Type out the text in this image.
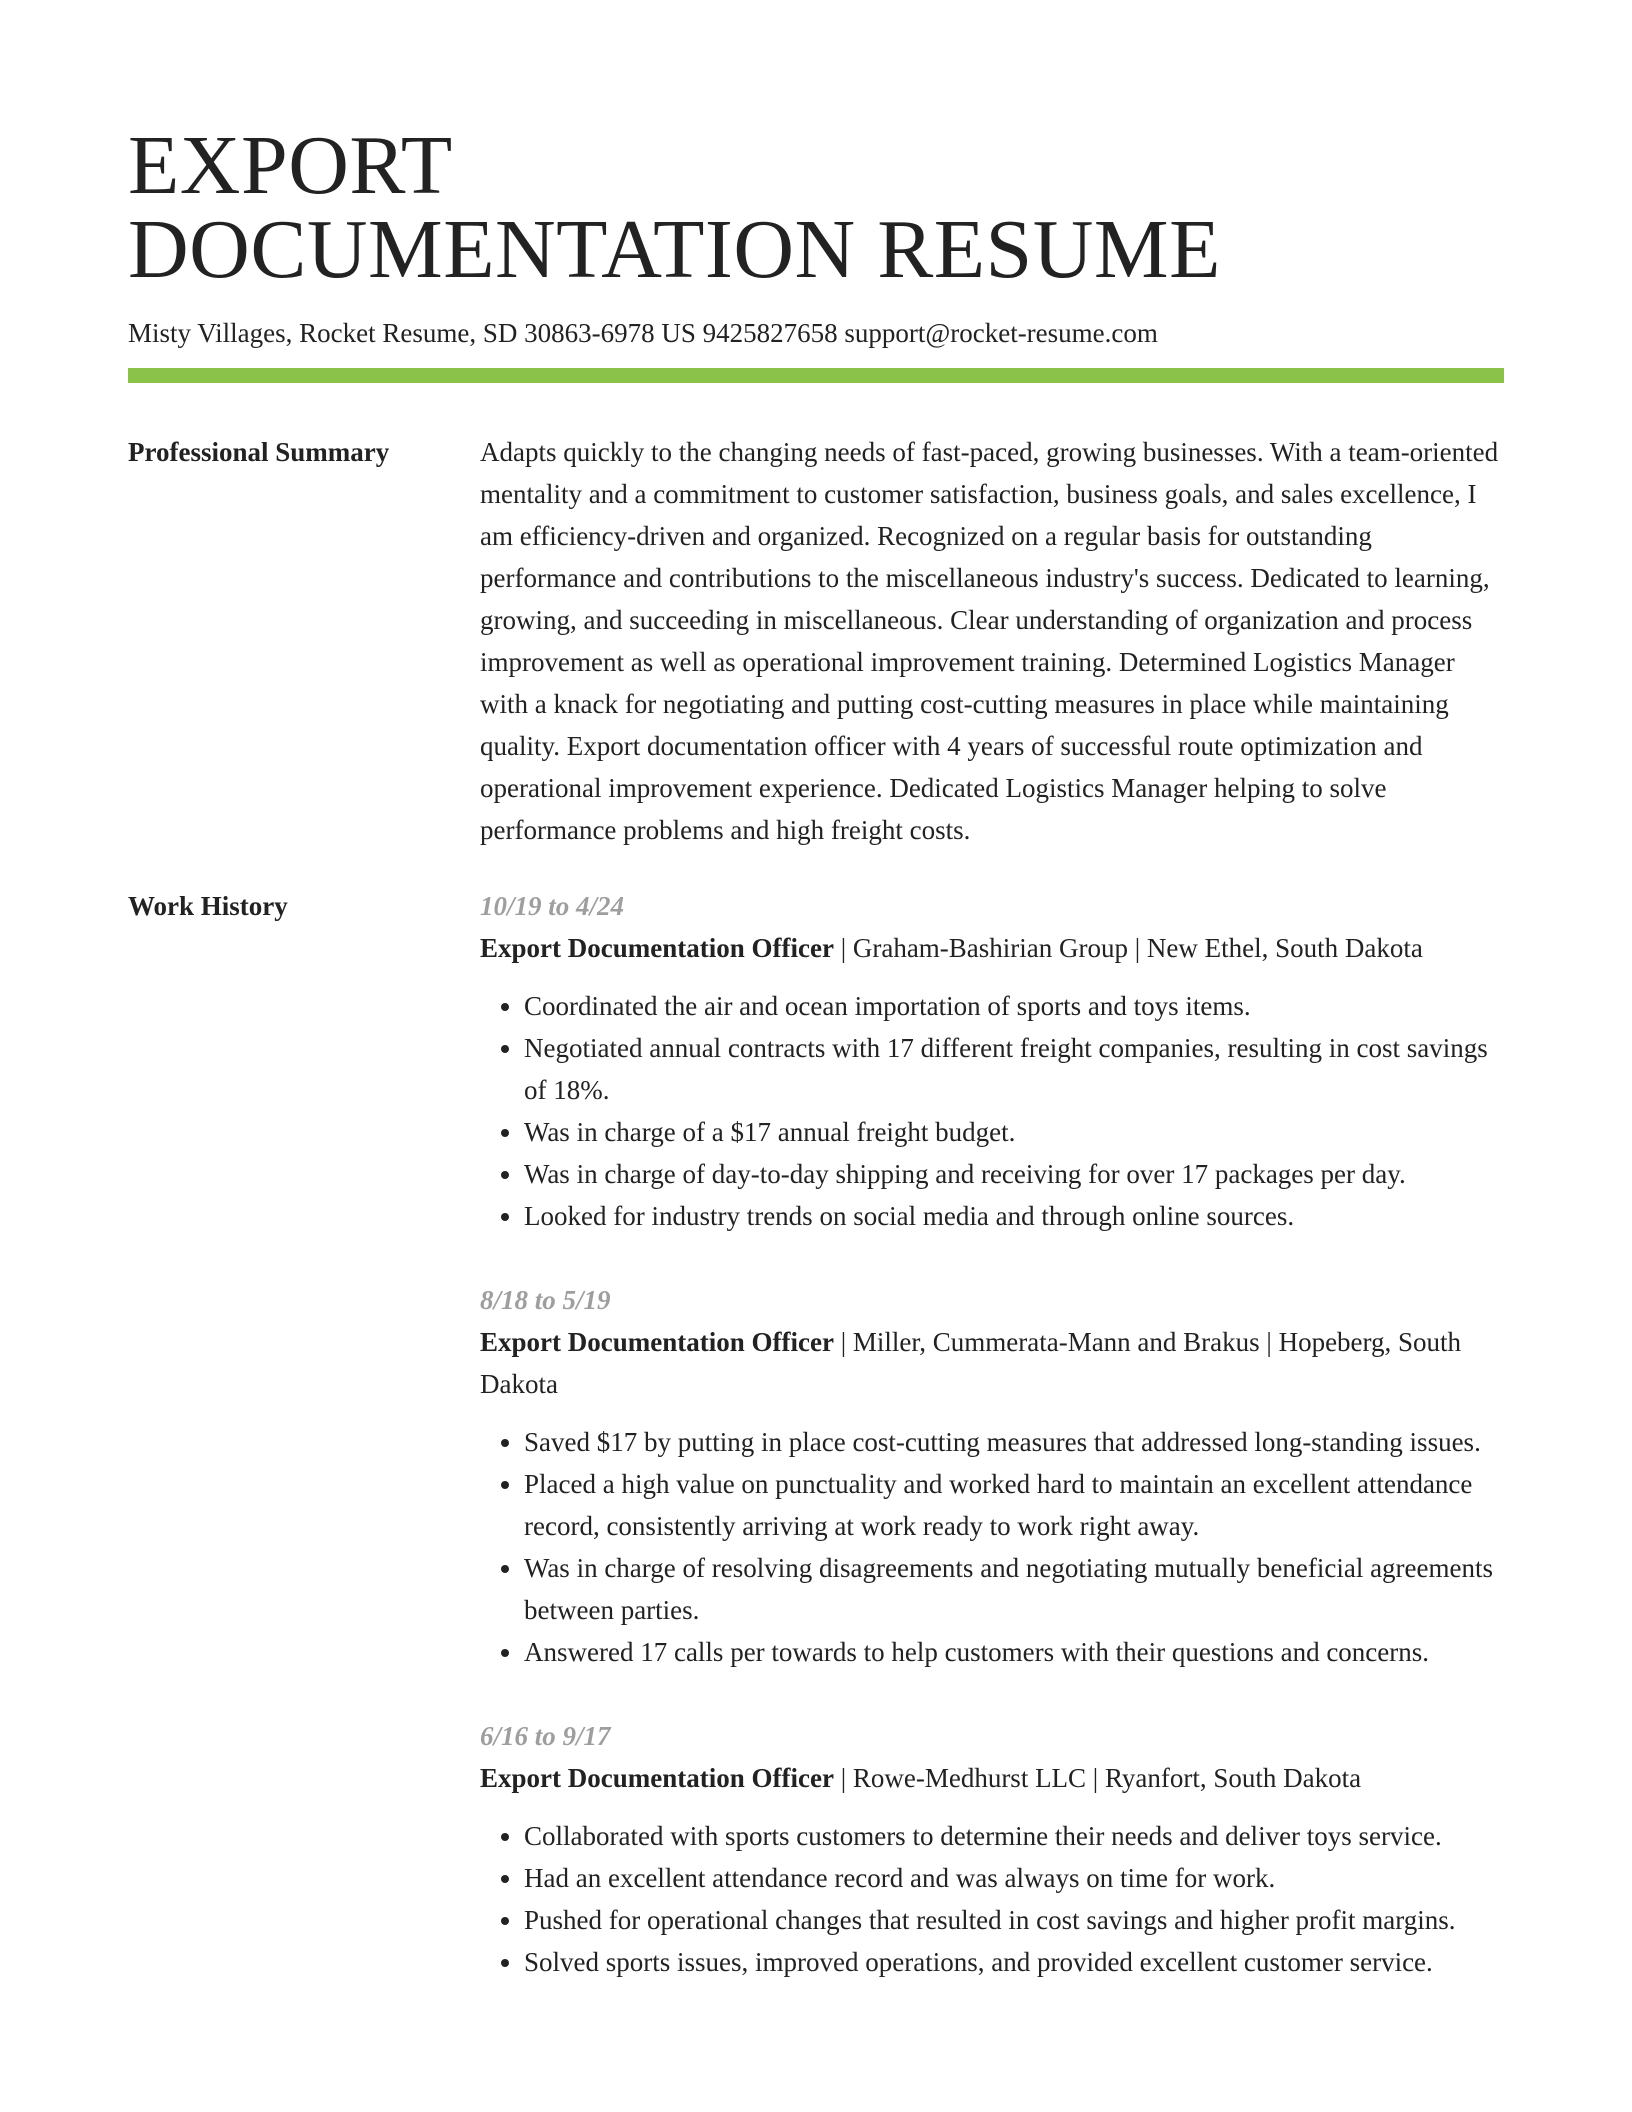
EXPORT
DOCUMENTATION RESUME
Misty Villages, Rocket Resume, SD 30863-6978 US 9425827658 support@rocket-resume.com
Professional Summary	Adapts quickly to the changing needs of fast-paced, growing businesses. With a team-oriented mentality and a commitment to customer satisfaction, business goals, and sales excellence, I am efficiency-driven and organized. Recognized on a regular basis for outstanding performance and contributions to the miscellaneous industry's success. Dedicated to learning, growing, and succeeding in miscellaneous. Clear understanding of organization and process improvement as well as operational improvement training. Determined Logistics Manager with a knack for negotiating and putting cost-cutting measures in place while maintaining quality. Export documentation officer with 4 years of successful route optimization and operational improvement experience. Dedicated Logistics Manager helping to solve performance problems and high freight costs.

Work History	10/19 to 4/24
Export Documentation Officer | Graham-Bashirian Group | New Ethel, South Dakota
• Coordinated the air and ocean importation of sports and toys items.
• Negotiated annual contracts with 17 different freight companies, resulting in cost savings of 18%.
• Was in charge of a $17 annual freight budget.
• Was in charge of day-to-day shipping and receiving for over 17 packages per day.
• Looked for industry trends on social media and through online sources.
8/18 to 5/19
Export Documentation Officer | Miller, Cummerata-Mann and Brakus | Hopeberg, South Dakota
• Saved $17 by putting in place cost-cutting measures that addressed long-standing issues.
• Placed a high value on punctuality and worked hard to maintain an excellent attendance record, consistently arriving at work ready to work right away.
• Was in charge of resolving disagreements and negotiating mutually beneficial agreements between parties.
• Answered 17 calls per towards to help customers with their questions and concerns.
6/16 to 9/17
Export Documentation Officer | Rowe-Medhurst LLC | Ryanfort, South Dakota
• Collaborated with sports customers to determine their needs and deliver toys service.
• Had an excellent attendance record and was always on time for work.
• Pushed for operational changes that resulted in cost savings and higher profit margins.
• Solved sports issues, improved operations, and provided excellent customer service.
